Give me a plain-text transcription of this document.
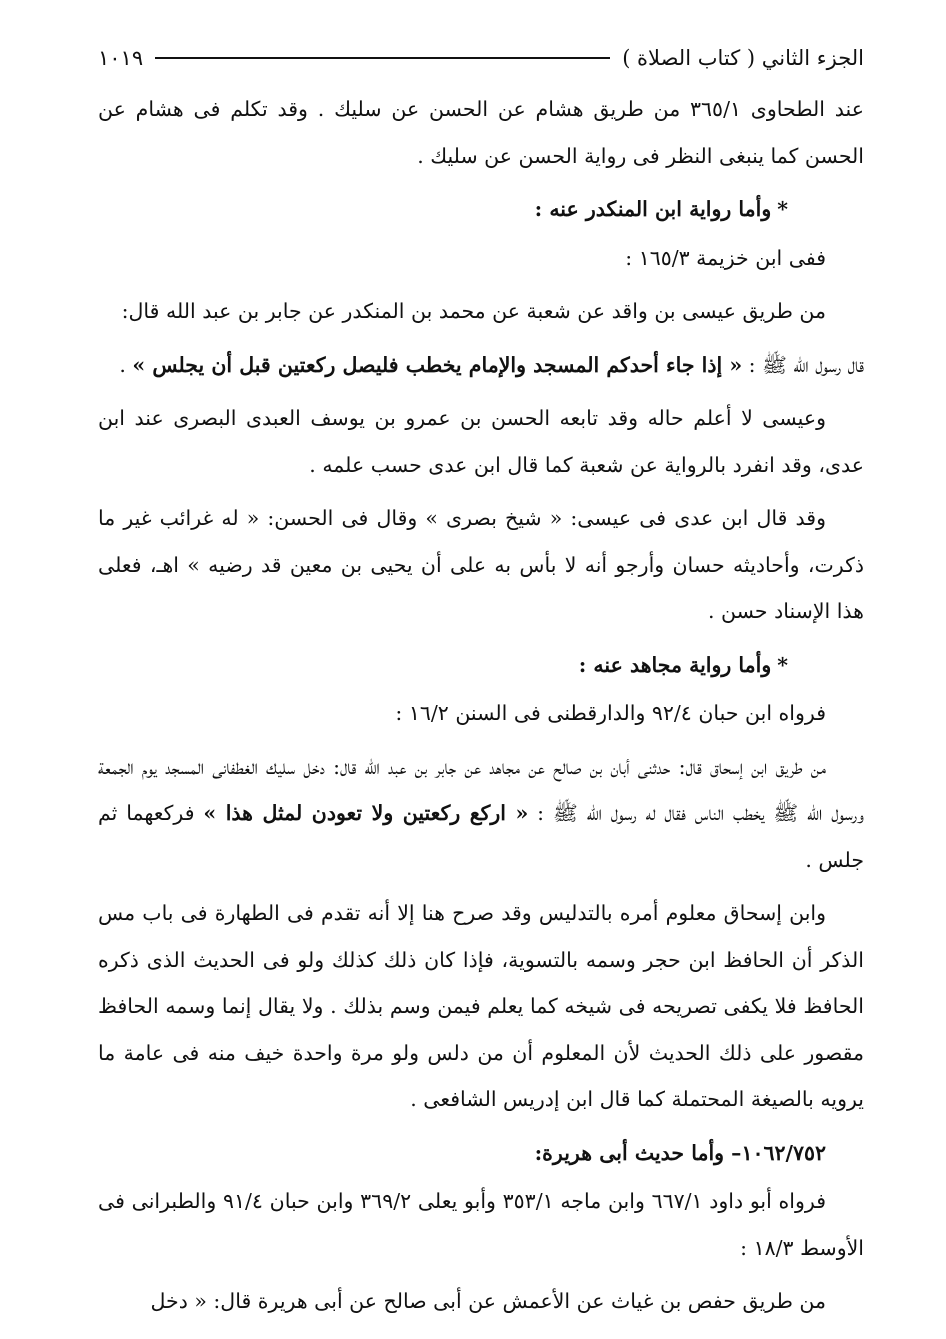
الجزء الثاني ( كتاب الصلاة )
١٠١٩

عند الطحاوى ٣٦٥/١ من طريق هشام عن الحسن عن سليك . وقد تكلم فى هشام عن الحسن كما ينبغى النظر فى رواية الحسن عن سليك .

*وأما رواية ابن المنكدر عنه :

ففى ابن خزيمة ١٦٥/٣ :

من طريق عيسى بن واقد عن شعبة عن محمد بن المنكدر عن جابر بن عبد الله قال:

قال رسول الله ﷺ : « إذا جاء أحدكم المسجد والإمام يخطب فليصل ركعتين قبل أن يجلس » .

وعيسى لا أعلم حاله وقد تابعه الحسن بن عمرو بن يوسف العبدى البصرى عند ابن عدى، وقد انفرد بالرواية عن شعبة كما قال ابن عدى حسب علمه .

وقد قال ابن عدى فى عيسى: « شيخ بصرى » وقال فى الحسن: « له غرائب غير ما ذكرت، وأحاديثه حسان وأرجو أنه لا بأس به على أن يحيى بن معين قد رضيه » اهـ، فعلى هذا الإسناد حسن .

*وأما رواية مجاهد عنه :

فرواه ابن حبان ٩٢/٤ والدارقطنى فى السنن ١٦/٢ :

من طريق ابن إسحاق قال: حدثنى أبان بن صالح عن مجاهد عن جابر بن عبد الله قال: دخل سليك الغطفانى المسجد يوم الجمعة ورسول الله ﷺ يخطب الناس فقال له رسول الله ﷺ : « اركع ركعتين ولا تعودن لمثل هذا » فركعهما ثم جلس .

وابن إسحاق معلوم أمره بالتدليس وقد صرح هنا إلا أنه تقدم فى الطهارة فى باب مس الذكر أن الحافظ ابن حجر وسمه بالتسوية، فإذا كان ذلك كذلك ولو فى الحديث الذى ذكره الحافظ فلا يكفى تصريحه فى شيخه كما يعلم فيمن وسم بذلك . ولا يقال إنما وسمه الحافظ مقصور على ذلك الحديث لأن المعلوم أن من دلس ولو مرة واحدة خيف منه فى عامة ما يرويه بالصيغة المحتملة كما قال ابن إدريس الشافعى .

١٠٦٢/٧٥٢– وأما حديث أبى هريرة:

فرواه أبو داود ٦٦٧/١ وابن ماجه ٣٥٣/١ وأبو يعلى ٣٦٩/٢ وابن حبان ٩١/٤ والطبرانى فى الأوسط ١٨/٣ :

من طريق حفص بن غياث عن الأعمش عن أبى صالح عن أبى هريرة قال: « دخل
